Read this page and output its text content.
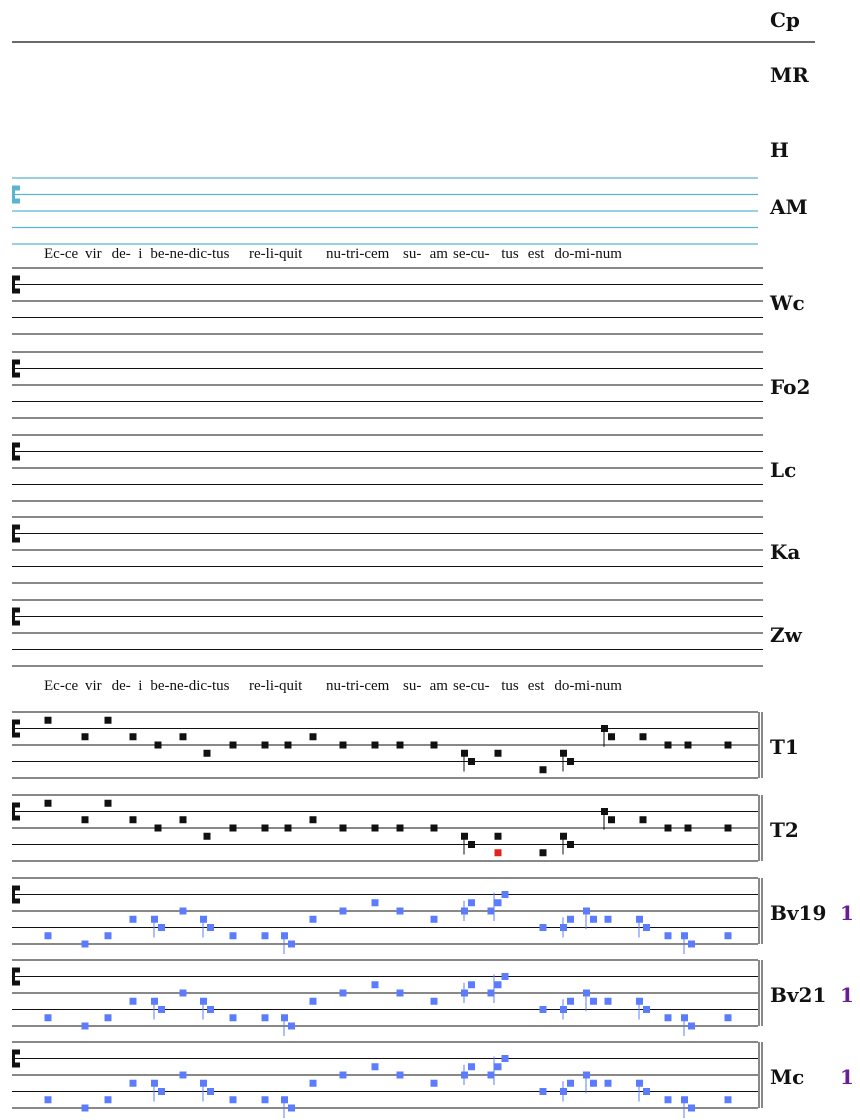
Cp
MR
H
AM
Wc
Fo2
Lc
Ka
Zw
T1
T2
Bv19 1
Bv21 1
Mc 1
Ec-ce vir de- i be-ne-dic-tus re-li-quit nu-tri-cem su- am se-cu- tus est do-mi-num
Ec-ce vir de- i be-ne-dic-tus re-li-quit nu-tri-cem su- am se-cu- tus est do-mi-num
